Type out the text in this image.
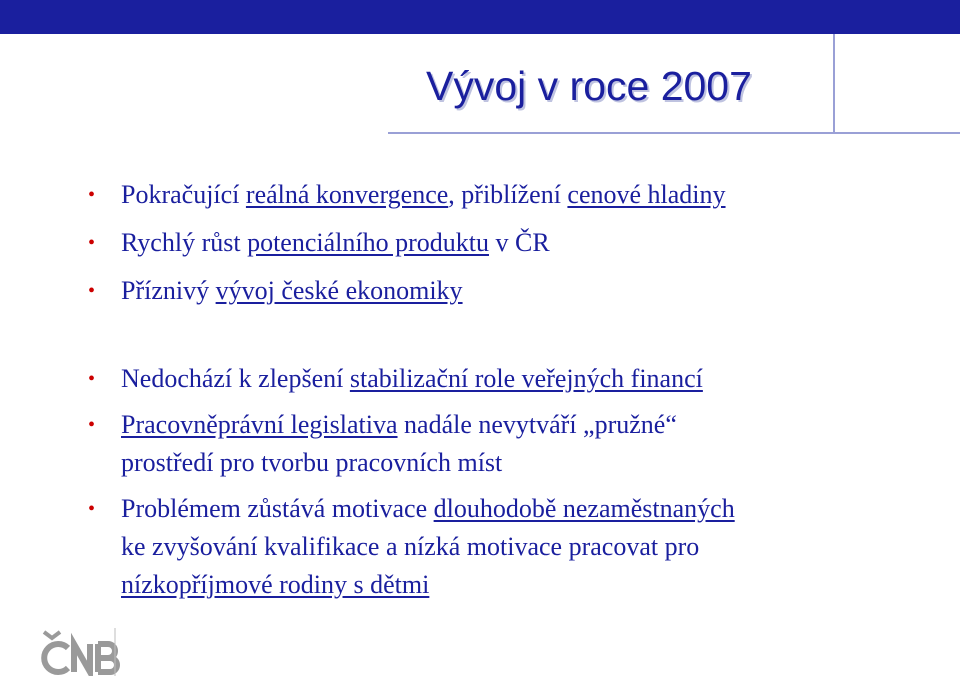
Vývoj v roce 2007

• Pokračující reálná konvergence, přiblížení cenové hladiny

• Rychlý růst potenciálního produktu v ČR

• Příznivý vývoj české ekonomiky

• Nedochází k zlepšení stabilizační role veřejných financí

• Pracovněprávní legislativa nadále nevytváří „pružné“
prostředí pro tvorbu pracovních míst

• Problémem zůstává motivace dlouhodobě nezaměstnaných
ke zvyšování kvalifikace a nízká motivace pracovat pro
nízkopříjmové rodiny s dětmi
